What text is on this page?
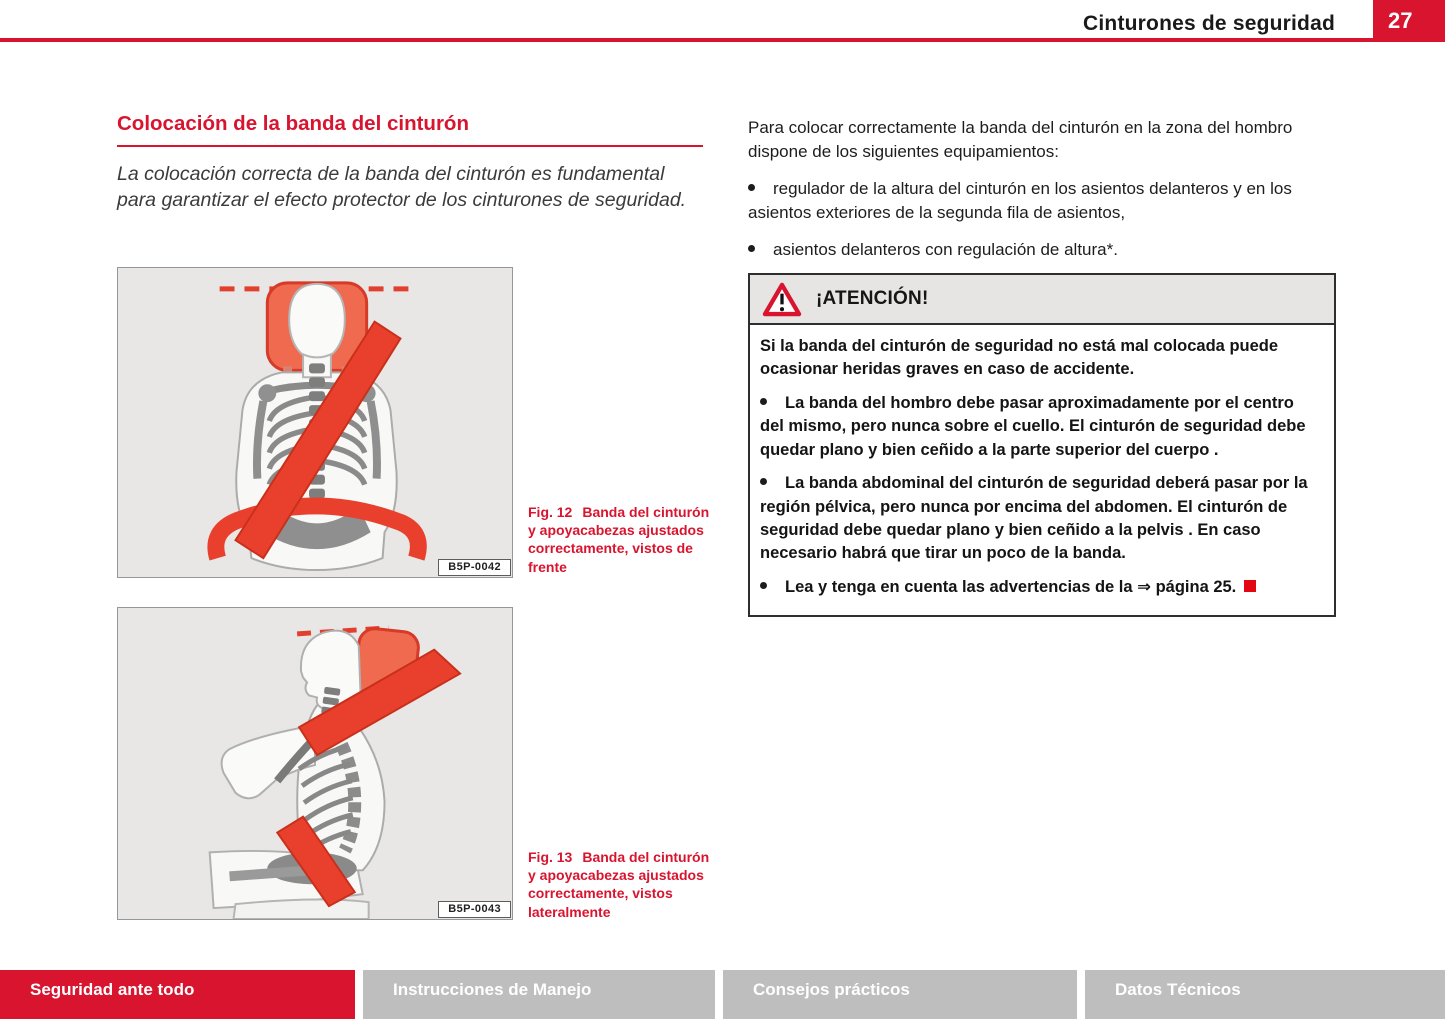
Cinturones de seguridad 27
Colocación de la banda del cinturón
La colocación correcta de la banda del cinturón es fundamental para garantizar el efecto protector de los cinturones de seguridad.
B5P-0042
Fig. 12 Banda del cinturón y apoyacabezas ajustados correctamente, vistos de frente
B5P-0043
Fig. 13 Banda del cinturón y apoyacabezas ajustados correctamente, vistos lateralmente
Para colocar correctamente la banda del cinturón en la zona del hombro dispone de los siguientes equipamientos:

regulador de la altura del cinturón en los asientos delanteros y en los asientos exteriores de la segunda fila de asientos,

asientos delanteros con regulación de altura*.

¡ATENCIÓN!

Si la banda del cinturón de seguridad no está mal colocada puede ocasionar heridas graves en caso de accidente.

La banda del hombro debe pasar aproximadamente por el centro del mismo, pero nunca sobre el cuello. El cinturón de seguridad debe quedar plano y bien ceñido a la parte superior del cuerpo .

La banda abdominal del cinturón de seguridad deberá pasar por la región pélvica, pero nunca por encima del abdomen. El cinturón de seguridad debe quedar plano y bien ceñido a la pelvis . En caso necesario habrá que tirar un poco de la banda.

Lea y tenga en cuenta las advertencias de la ⇒ página 25.

Seguridad ante todo	Instrucciones de Manejo	Consejos prácticos	Datos Técnicos
